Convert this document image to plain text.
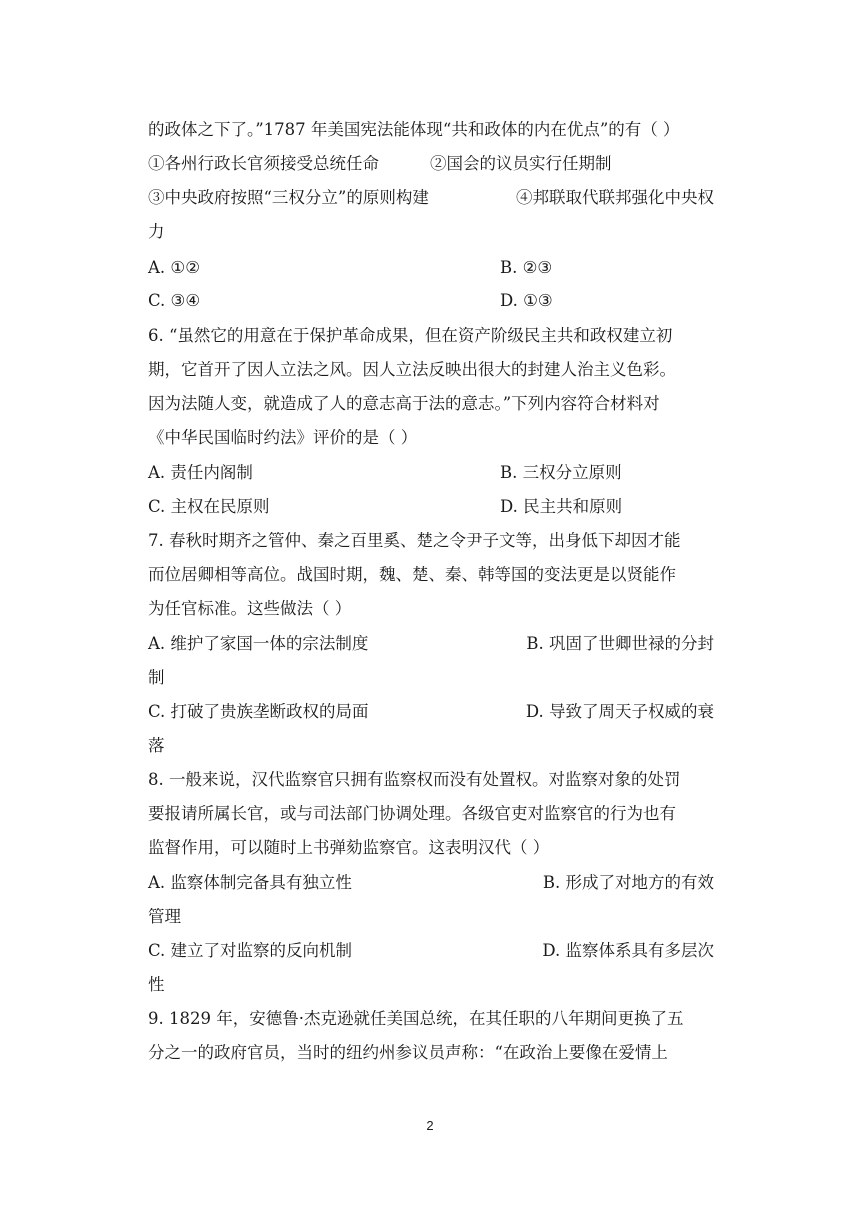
的政体之下了。”1787 年美国宪法能体现“共和政体的内在优点”的有（ ）
①各州行政长官须接受总统任命	②国会的议员实行任期制
③中央政府按照“三权分立”的原则构建	④邦联取代联邦强化中央权
力
A. ①②	B. ②③
C. ③④	D. ①③
6. “虽然它的用意在于保护革命成果，但在资产阶级民主共和政权建立初
期，它首开了因人立法之风。因人立法反映出很大的封建人治主义色彩。
因为法随人变，就造成了人的意志高于法的意志。”下列内容符合材料对
《中华民国临时约法》评价的是（ ）
A. 责任内阁制	B. 三权分立原则
C. 主权在民原则	D. 民主共和原则
7. 春秋时期齐之管仲、秦之百里奚、楚之令尹子文等，出身低下却因才能
而位居卿相等高位。战国时期，魏、楚、秦、韩等国的变法更是以贤能作
为任官标准。这些做法（ ）
A. 维护了家国一体的宗法制度	B. 巩固了世卿世禄的分封
制
C. 打破了贵族垄断政权的局面	D. 导致了周天子权威的衰
落
8. 一般来说，汉代监察官只拥有监察权而没有处置权。对监察对象的处罚
要报请所属长官，或与司法部门协调处理。各级官吏对监察官的行为也有
监督作用，可以随时上书弹劾监察官。这表明汉代（ ）
A. 监察体制完备具有独立性	B. 形成了对地方的有效
管理
C. 建立了对监察的反向机制	D. 监察体系具有多层次
性
9. 1829 年，安德鲁·杰克逊就任美国总统，在其任职的八年期间更换了五
分之一的政府官员，当时的纽约州参议员声称：“在政治上要像在爱情上
2
